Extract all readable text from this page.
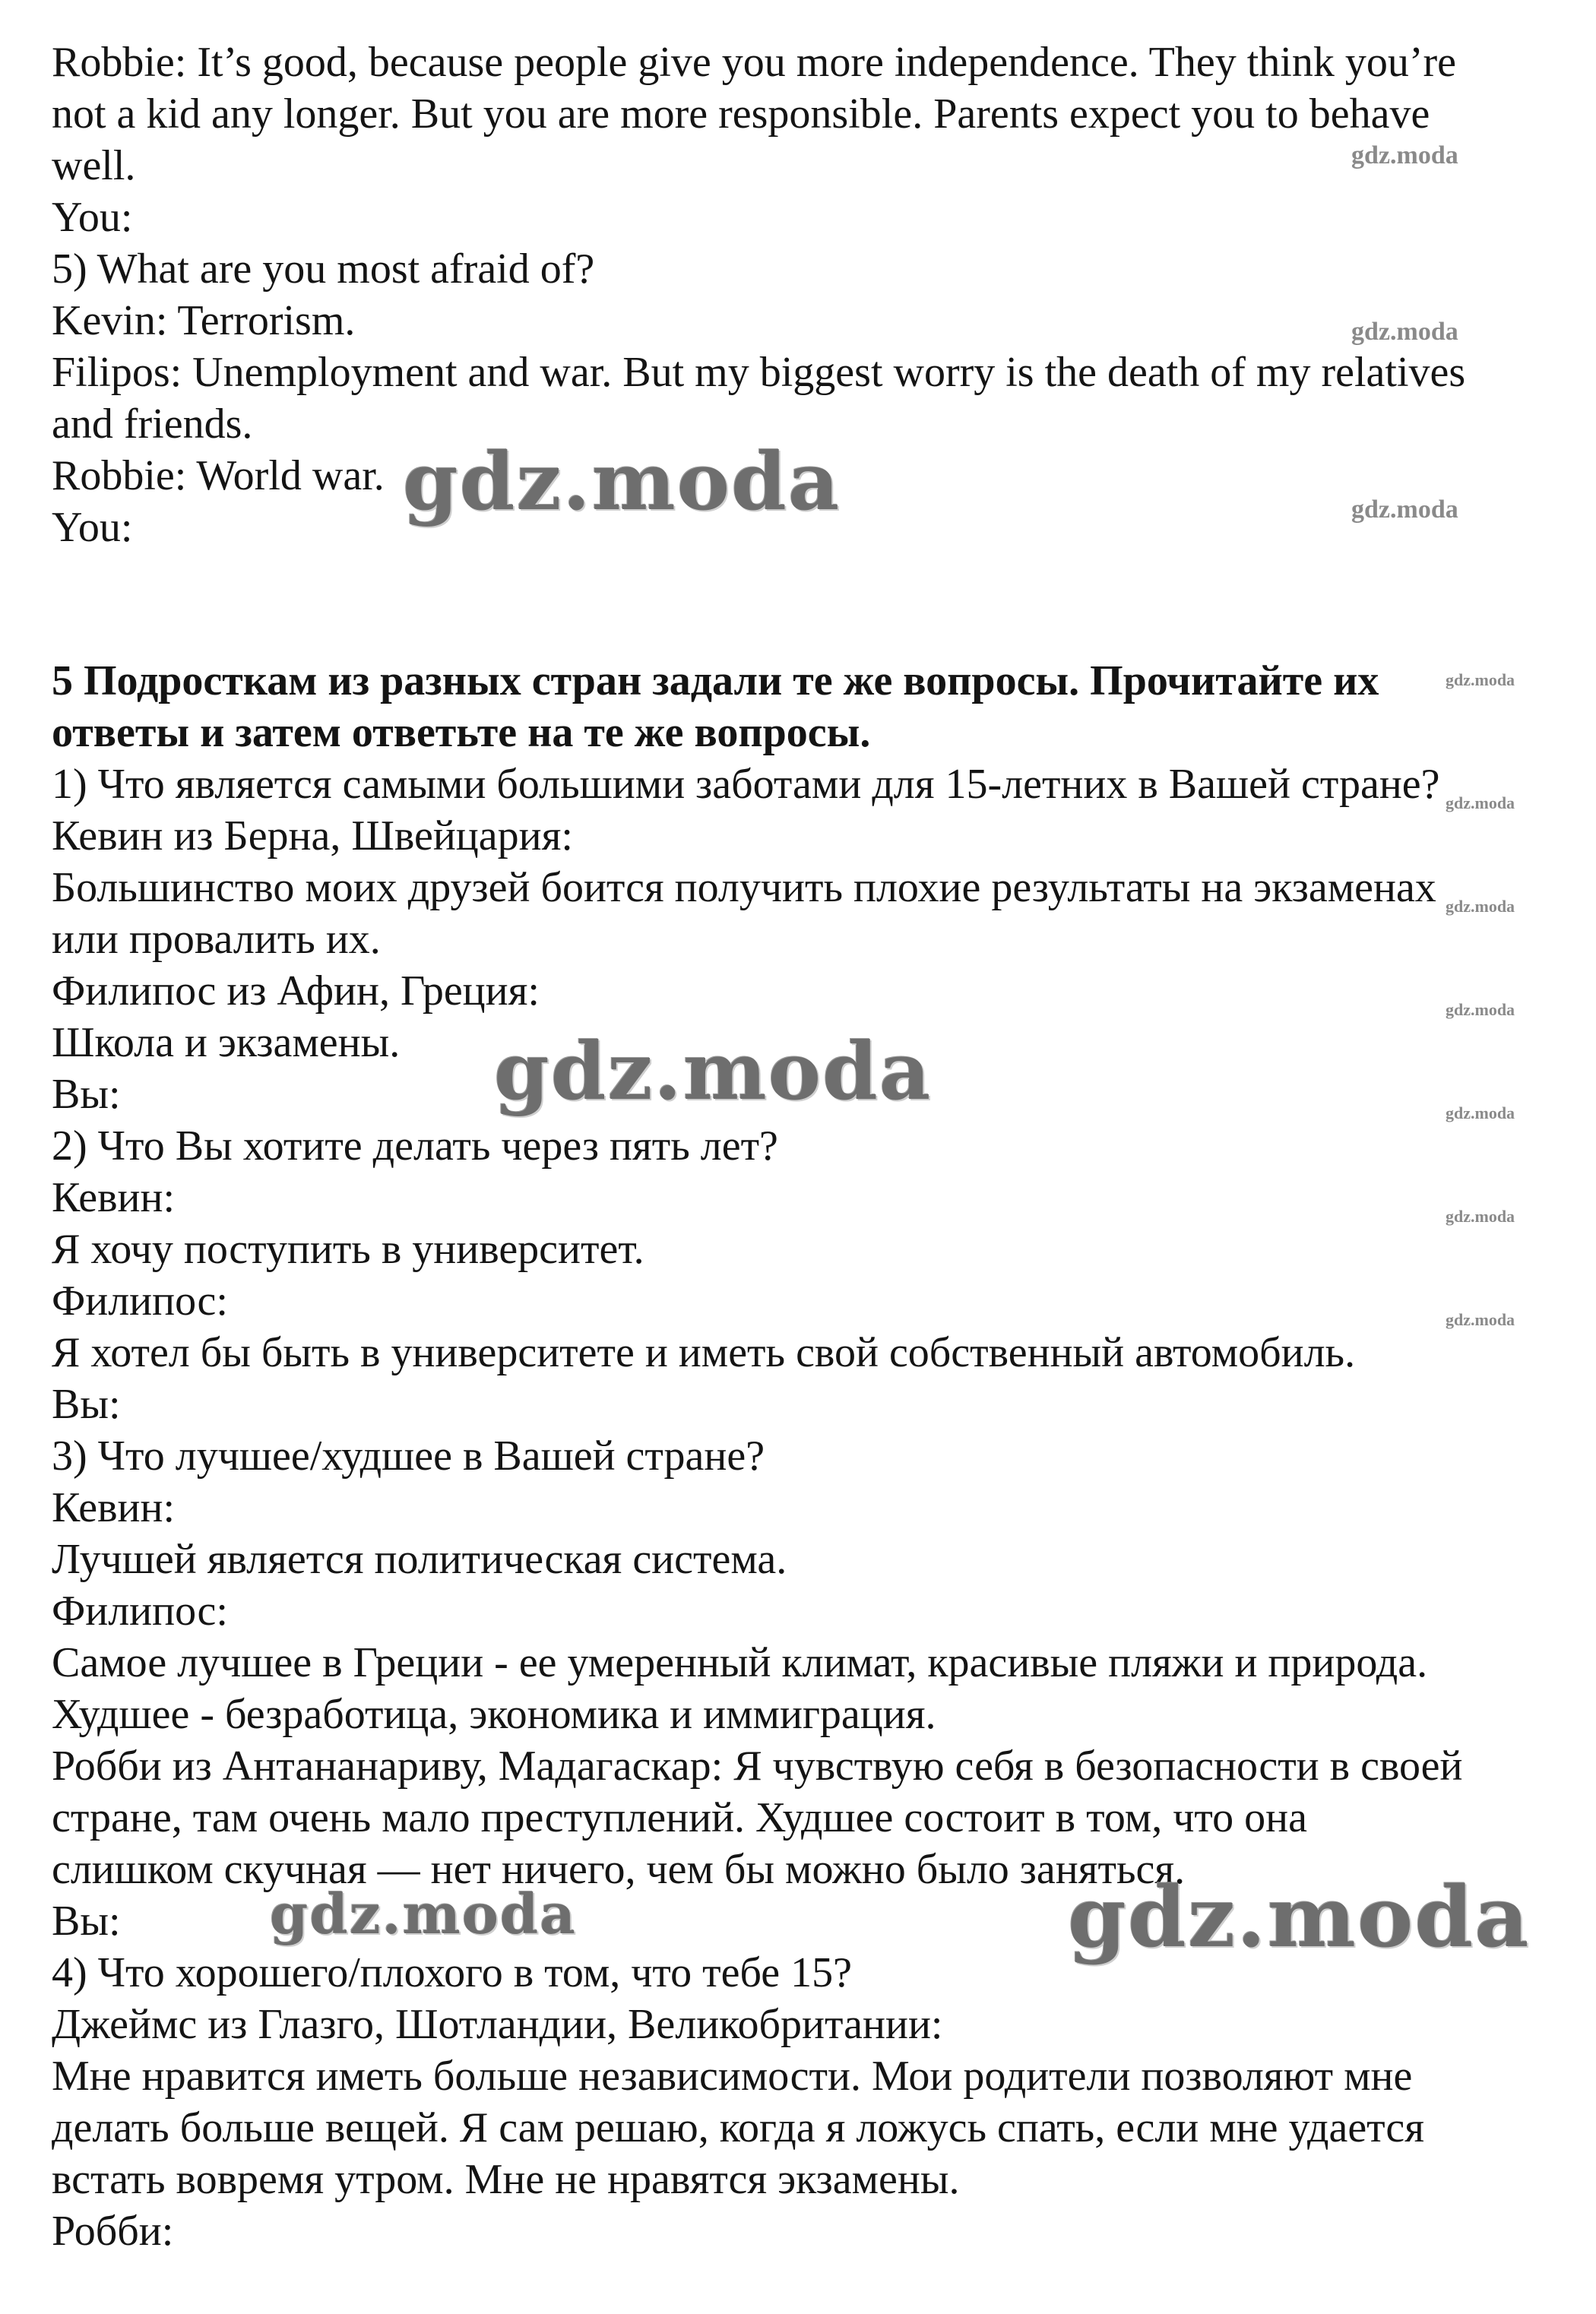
Robbie: It’s good, because people give you more independence. They think you’re
not a kid any longer. But you are more responsible. Parents expect you to behave
well.
You:
5) What are you most afraid of?
Kevin: Terrorism.
Filipos: Unemployment and war. But my biggest worry is the death of my relatives
and friends.
Robbie: World war.
You:
5 Подросткам из разных стран задали те же вопросы. Прочитайте их
ответы и затем ответьте на те же вопросы.
1) Что является самыми большими заботами для 15-летних в Вашей стране?
Кевин из Берна, Швейцария:
Большинство моих друзей боится получить плохие результаты на экзаменах
или провалить их.
Филипос из Афин, Греция:
Школа и экзамены.
Вы:
2) Что Вы хотите делать через пять лет?
Кевин:
Я хочу поступить в университет.
Филипос:
Я хотел бы быть в университете и иметь свой собственный автомобиль.
Вы:
3) Что лучшее/худшее в Вашей стране?
Кевин:
Лучшей является политическая система.
Филипос:
Самое лучшее в Греции - ее умеренный климат, красивые пляжи и природа.
Худшее - безработица, экономика и иммиграция.
Робби из Антананариву, Мадагаскар: Я чувствую себя в безопасности в своей
стране, там очень мало преступлений. Худшее состоит в том, что она
слишком скучная — нет ничего, чем бы можно было заняться.
Вы:
4) Что хорошего/плохого в том, что тебе 15?
Джеймс из Глазго, Шотландии, Великобритании:
Мне нравится иметь больше независимости. Мои родители позволяют мне
делать больше вещей. Я сам решаю, когда я ложусь спать, если мне удается
встать вовремя утром. Мне не нравятся экзамены.
Робби:
gdz.moda
gdz.moda
gdz.moda
gdz.moda
gdz.moda
gdz.moda
gdz.moda
gdz.moda
gdz.moda
gdz.moda
gdz.moda
gdz.moda
gdz.moda	gdz.moda
